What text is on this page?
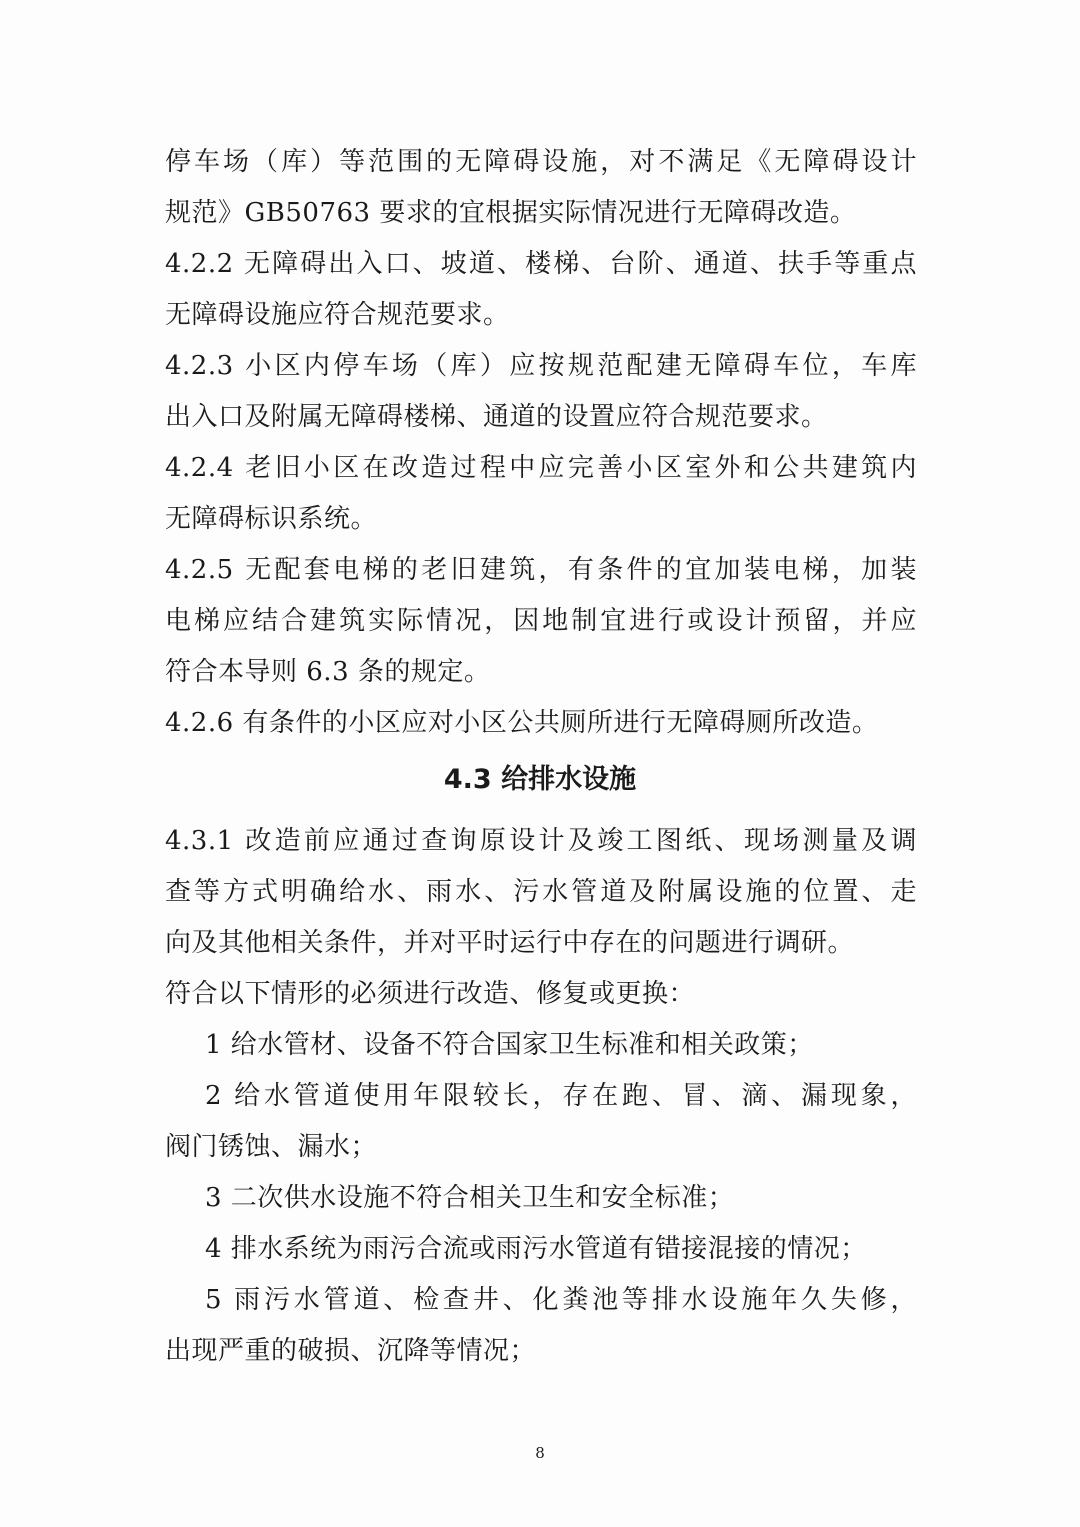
停车场（库）等范围的无障碍设施，对不满足《无障碍设计
规范》GB50763 要求的宜根据实际情况进行无障碍改造。
4.2.2 无障碍出入口、坡道、楼梯、台阶、通道、扶手等重点
无障碍设施应符合规范要求。
4.2.3 小区内停车场（库）应按规范配建无障碍车位，车库
出入口及附属无障碍楼梯、通道的设置应符合规范要求。
4.2.4 老旧小区在改造过程中应完善小区室外和公共建筑内
无障碍标识系统。
4.2.5 无配套电梯的老旧建筑，有条件的宜加装电梯，加装
电梯应结合建筑实际情况，因地制宜进行或设计预留，并应
符合本导则 6.3 条的规定。
4.2.6 有条件的小区应对小区公共厕所进行无障碍厕所改造。
4.3 给排水设施
4.3.1 改造前应通过查询原设计及竣工图纸、现场测量及调
查等方式明确给水、雨水、污水管道及附属设施的位置、走
向及其他相关条件，并对平时运行中存在的问题进行调研。
符合以下情形的必须进行改造、修复或更换：
1 给水管材、设备不符合国家卫生标准和相关政策；
2 给水管道使用年限较长，存在跑、冒、滴、漏现象，
阀门锈蚀、漏水；
3 二次供水设施不符合相关卫生和安全标准；
4 排水系统为雨污合流或雨污水管道有错接混接的情况；
5 雨污水管道、检查井、化粪池等排水设施年久失修，
出现严重的破损、沉降等情况；
8
